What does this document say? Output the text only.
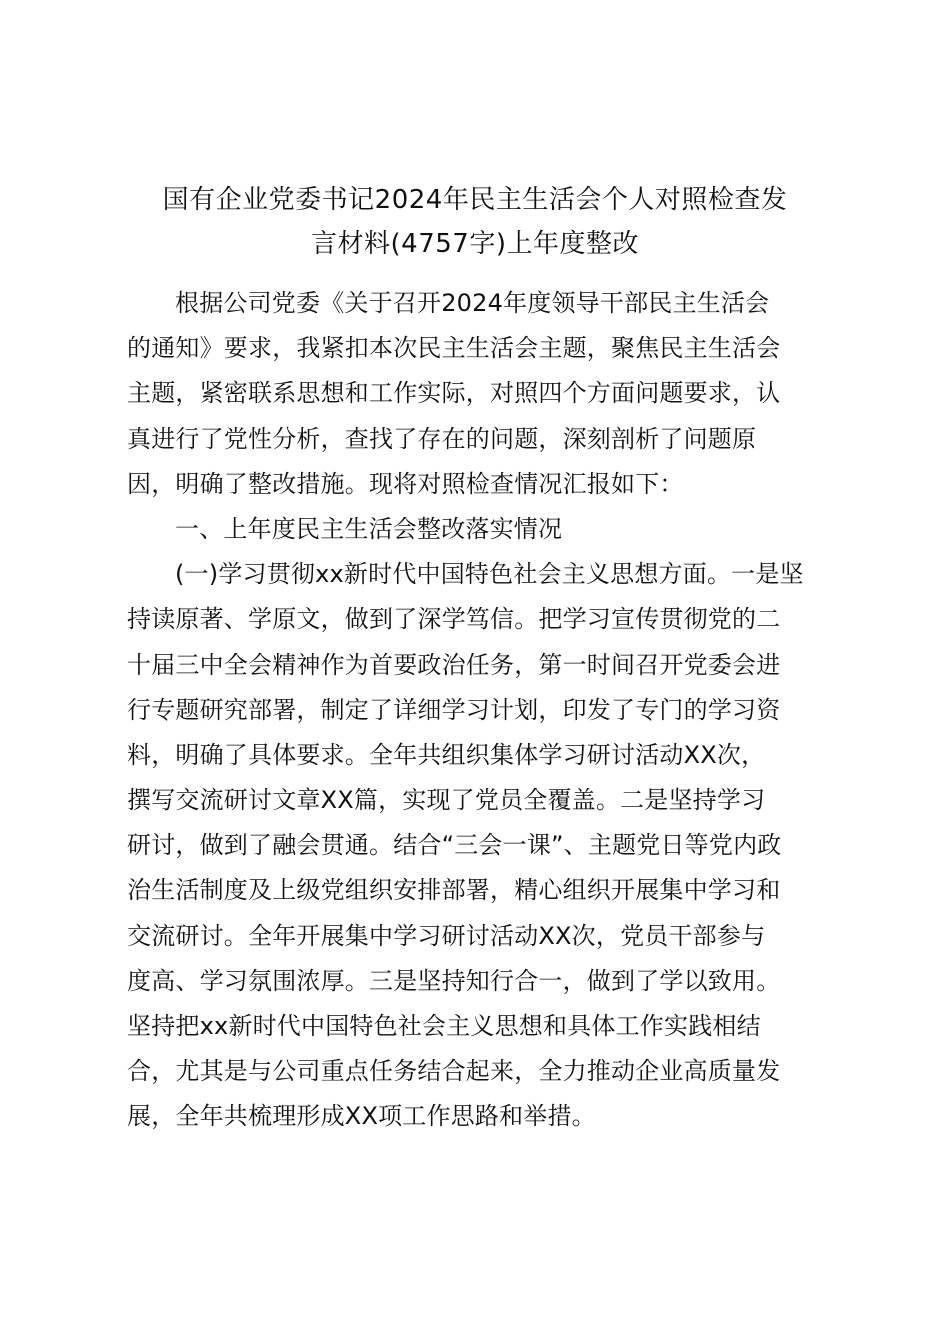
国有企业党委书记2024年民主生活会个人对照检查发
言材料(4757字)上年度整改
根据公司党委《关于召开2024年度领导干部民主生活会
的通知》要求，我紧扣本次民主生活会主题，聚焦民主生活会
主题，紧密联系思想和工作实际，对照四个方面问题要求，认
真进行了党性分析，查找了存在的问题，深刻剖析了问题原
因，明确了整改措施。现将对照检查情况汇报如下：
一、上年度民主生活会整改落实情况
(一)学习贯彻xx新时代中国特色社会主义思想方面。一是坚
持读原著、学原文，做到了深学笃信。把学习宣传贯彻党的二
十届三中全会精神作为首要政治任务，第一时间召开党委会进
行专题研究部署，制定了详细学习计划，印发了专门的学习资
料，明确了具体要求。全年共组织集体学习研讨活动XX次，
撰写交流研讨文章XX篇，实现了党员全覆盖。二是坚持学习
研讨，做到了融会贯通。结合“三会一课”、主题党日等党内政
治生活制度及上级党组织安排部署，精心组织开展集中学习和
交流研讨。全年开展集中学习研讨活动XX次，党员干部参与
度高、学习氛围浓厚。三是坚持知行合一，做到了学以致用。
坚持把xx新时代中国特色社会主义思想和具体工作实践相结
合，尤其是与公司重点任务结合起来，全力推动企业高质量发
展，全年共梳理形成XX项工作思路和举措。
